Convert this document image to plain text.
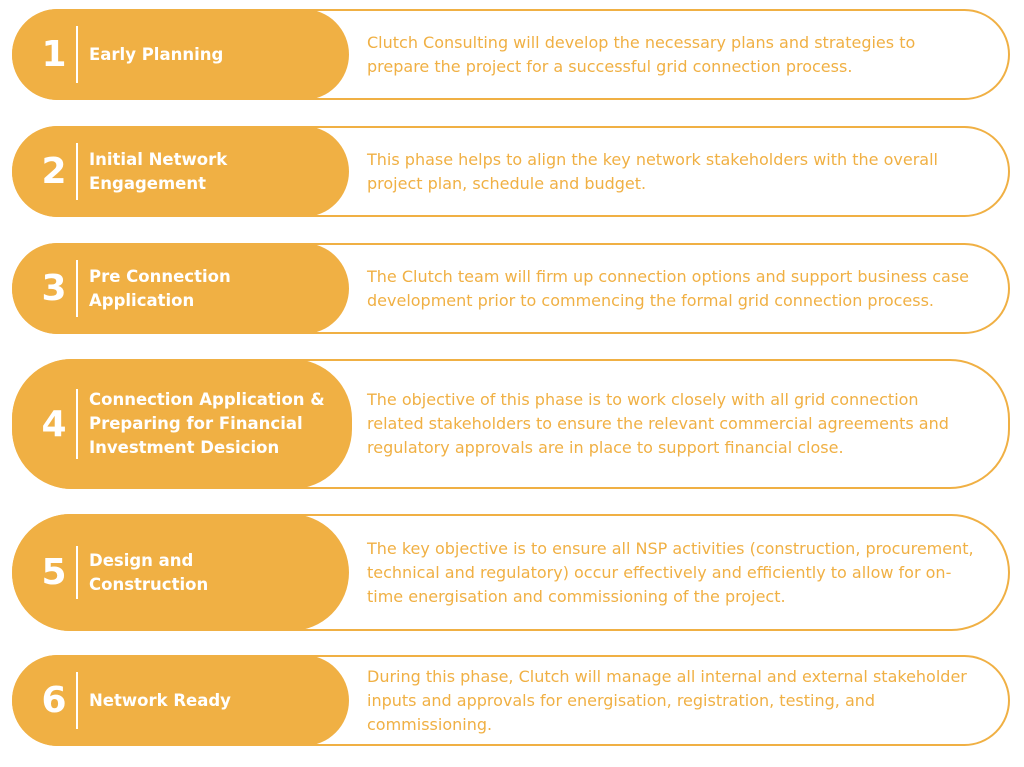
1 Early Planning
Clutch Consulting will develop the necessary plans and strategies to prepare the project for a successful grid connection process.
2 Initial Network Engagement
This phase helps to align the key network stakeholders with the overall project plan, schedule and budget.
3 Pre Connection Application
The Clutch team will firm up connection options and support business case development prior to commencing the formal grid connection process.
4
Connection Application & Preparing for Financial Investment Desicion
The objective of this phase is to work closely with all grid connection related stakeholders to ensure the relevant commercial agreements and regulatory approvals are in place to support financial close.
5 Design and Construction
The key objective is to ensure all NSP activities (construction, procurement, technical and regulatory) occur effectively and efficiently to allow for on-time energisation and commissioning of the project.
6 Network Ready
During this phase, Clutch will manage all internal and external stakeholder inputs and approvals for energisation, registration, testing, and commissioning.
